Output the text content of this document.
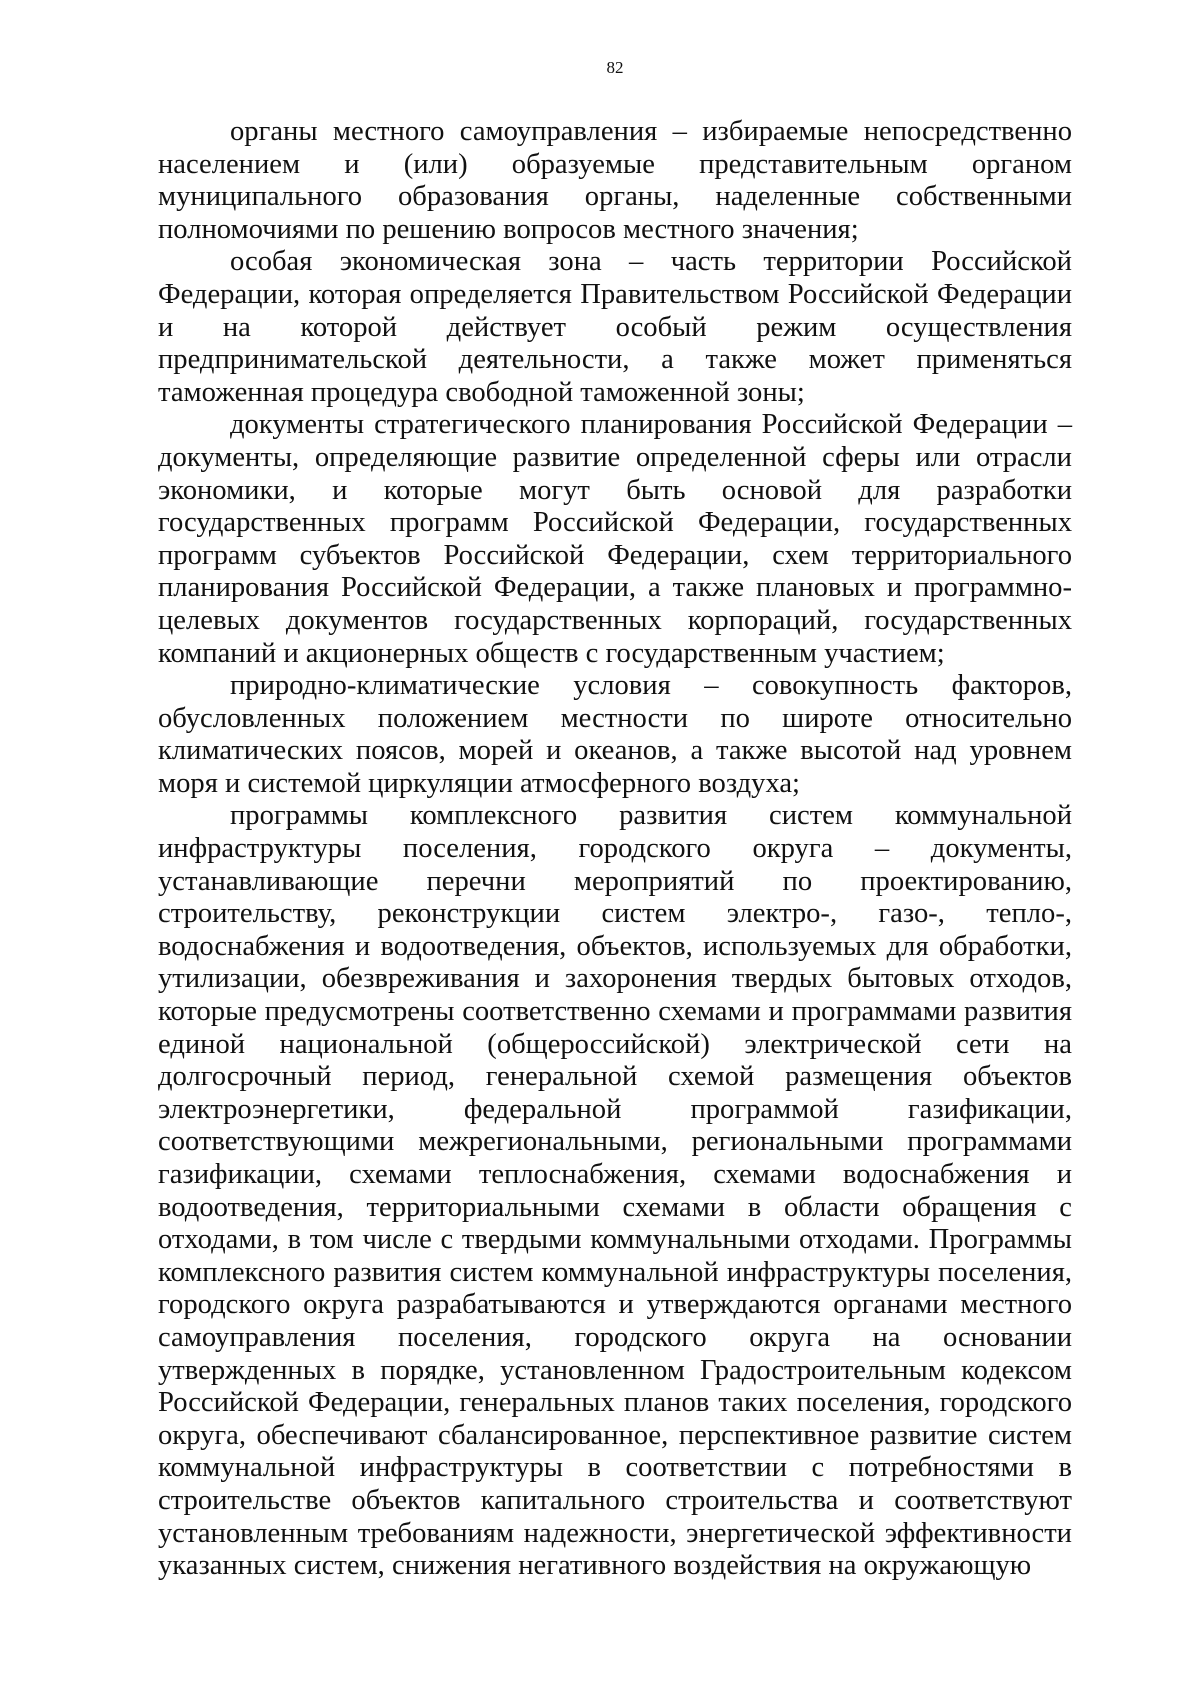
82

органы местного самоуправления – избираемые непосредственно населением и (или) образуемые представительным органом муниципального образования органы, наделенные собственными полномочиями по решению вопросов местного значения;

особая экономическая зона – часть территории Российской Федерации, которая определяется Правительством Российской Федерации и на которой действует особый режим осуществления предпринимательской деятельности, а также может применяться таможенная процедура свободной таможенной зоны;

документы стратегического планирования Российской Федерации – документы, определяющие развитие определенной сферы или отрасли экономики, и которые могут быть основой для разработки государственных программ Российской Федерации, государственных программ субъектов Российской Федерации, схем территориального планирования Российской Федерации, а также плановых и программно-целевых документов государственных корпораций, государственных компаний и акционерных обществ с государственным участием;

природно-климатические условия – совокупность факторов, обусловленных положением местности по широте относительно климатических поясов, морей и океанов, а также высотой над уровнем моря и системой циркуляции атмосферного воздуха;

программы комплексного развития систем коммунальной инфраструктуры поселения, городского округа – документы, устанавливающие перечни мероприятий по проектированию, строительству, реконструкции систем электро-, газо-, тепло-, водоснабжения и водоотведения, объектов, используемых для обработки, утилизации, обезвреживания и захоронения твердых бытовых отходов, которые предусмотрены соответственно схемами и программами развития единой национальной (общероссийской) электрической сети на долгосрочный период, генеральной схемой размещения объектов электроэнергетики, федеральной программой газификации, соответствующими межрегиональными, региональными программами газификации, схемами теплоснабжения, схемами водоснабжения и водоотведения, территориальными схемами в области обращения с отходами, в том числе с твердыми коммунальными отходами. Программы комплексного развития систем коммунальной инфраструктуры поселения, городского округа разрабатываются и утверждаются органами местного самоуправления поселения, городского округа на основании утвержденных в порядке, установленном Градостроительным кодексом Российской Федерации, генеральных планов таких поселения, городского округа, обеспечивают сбалансированное, перспективное развитие систем коммунальной инфраструктуры в соответствии с потребностями в строительстве объектов капитального строительства и соответствуют установленным требованиям надежности, энергетической эффективности указанных систем, снижения негативного воздействия на окружающую
